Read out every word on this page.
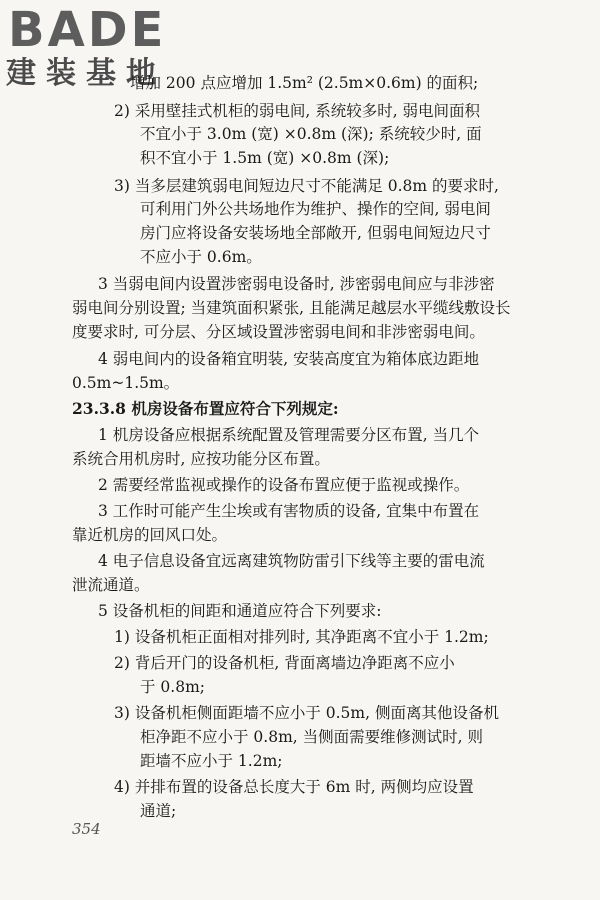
BADE
建装基地
增加 200 点应增加 1.5m² (2.5m×0.6m) 的面积;
2) 采用壁挂式机柜的弱电间, 系统较多时, 弱电间面积
不宜小于 3.0m (宽) ×0.8m (深); 系统较少时, 面
积不宜小于 1.5m (宽) ×0.8m (深);
3) 当多层建筑弱电间短边尺寸不能满足 0.8m 的要求时,
可利用门外公共场地作为维护、操作的空间, 弱电间
房门应将设备安装场地全部敞开, 但弱电间短边尺寸
不应小于 0.6m。
3 当弱电间内设置涉密弱电设备时, 涉密弱电间应与非涉密
弱电间分别设置; 当建筑面积紧张, 且能满足越层水平缆线敷设长
度要求时, 可分层、分区域设置涉密弱电间和非涉密弱电间。
4 弱电间内的设备箱宜明装, 安装高度宜为箱体底边距地
0.5m~1.5m。
23.3.8 机房设备布置应符合下列规定:
1 机房设备应根据系统配置及管理需要分区布置, 当几个
系统合用机房时, 应按功能分区布置。
2 需要经常监视或操作的设备布置应便于监视或操作。
3 工作时可能产生尘埃或有害物质的设备, 宜集中布置在
靠近机房的回风口处。
4 电子信息设备宜远离建筑物防雷引下线等主要的雷电流
泄流通道。
5 设备机柜的间距和通道应符合下列要求:
1) 设备机柜正面相对排列时, 其净距离不宜小于 1.2m;
2) 背后开门的设备机柜, 背面离墙边净距离不应小
于 0.8m;
3) 设备机柜侧面距墙不应小于 0.5m, 侧面离其他设备机
柜净距不应小于 0.8m, 当侧面需要维修测试时, 则
距墙不应小于 1.2m;
4) 并排布置的设备总长度大于 6m 时, 两侧均应设置
通道;
354
